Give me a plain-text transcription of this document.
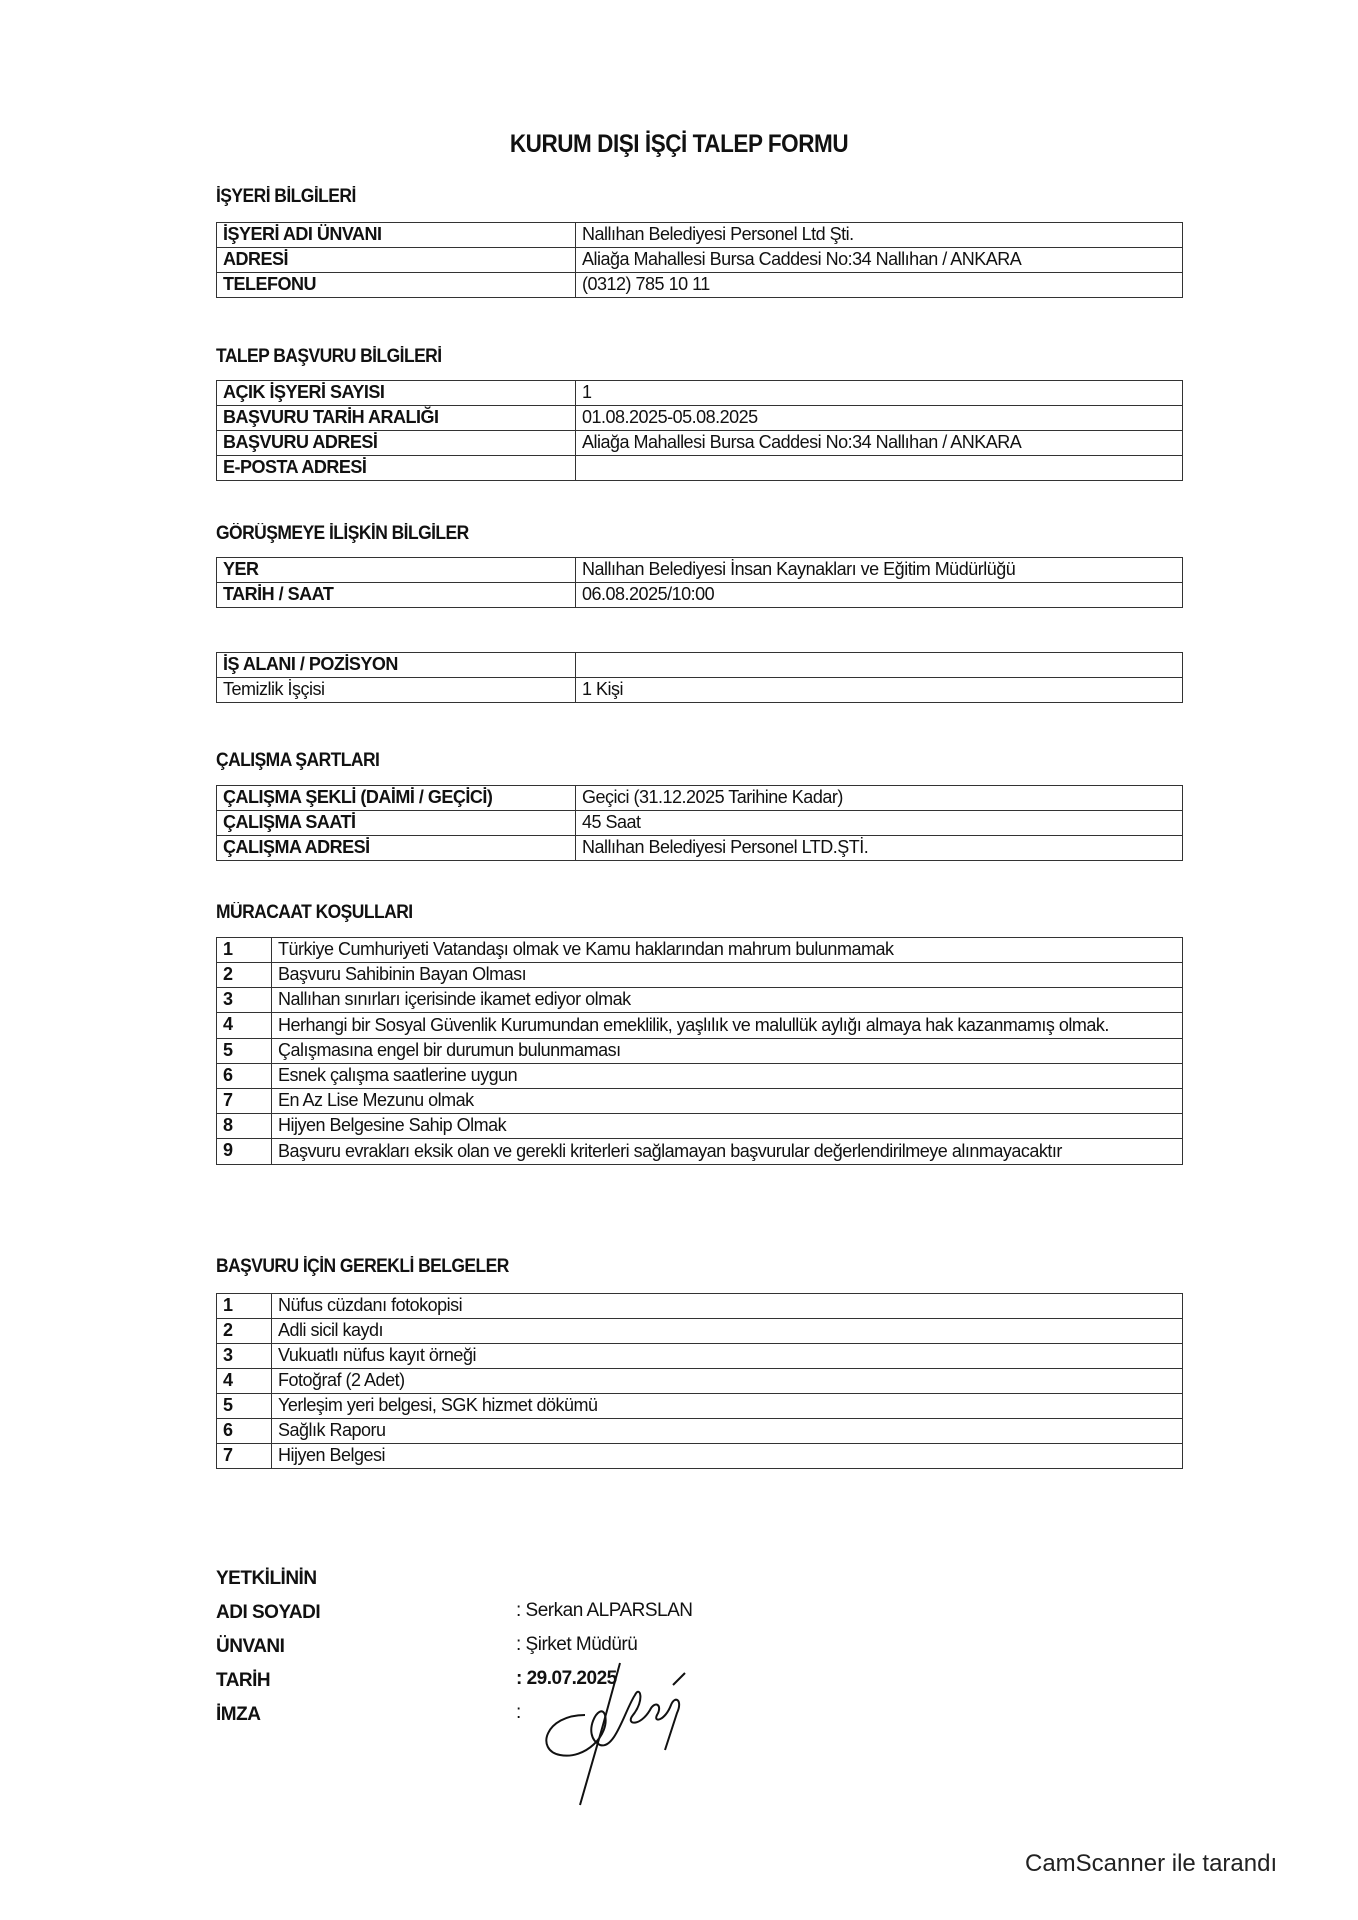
KURUM DIŞI İŞÇİ TALEP FORMU
İŞYERİ BİLGİLERİ
İŞYERİ ADI ÜNVANI	Nallıhan Belediyesi Personel Ltd Şti.
ADRESİ	Aliağa Mahallesi Bursa Caddesi No:34 Nallıhan / ANKARA
TELEFONU	(0312) 785 10 11
TALEP BAŞVURU BİLGİLERİ
AÇIK İŞYERİ SAYISI	1
BAŞVURU TARİH ARALIĞI	01.08.2025-05.08.2025
BAŞVURU ADRESİ	Aliağa Mahallesi Bursa Caddesi No:34 Nallıhan / ANKARA
E-POSTA ADRESİ	
GÖRÜŞMEYE İLİŞKİN BİLGİLER
YER	Nallıhan Belediyesi İnsan Kaynakları ve Eğitim Müdürlüğü
TARİH / SAAT	06.08.2025/10:00
İŞ ALANI / POZİSYON	
Temizlik İşçisi	1 Kişi
ÇALIŞMA ŞARTLARI
ÇALIŞMA ŞEKLİ (DAİMİ / GEÇİCİ)	Geçici (31.12.2025 Tarihine Kadar)
ÇALIŞMA SAATİ	45 Saat
ÇALIŞMA ADRESİ	Nallıhan Belediyesi Personel LTD.ŞTİ.
MÜRACAAT KOŞULLARI
1	Türkiye Cumhuriyeti Vatandaşı olmak ve Kamu haklarından mahrum bulunmamak
2	Başvuru Sahibinin Bayan Olması
3	Nallıhan sınırları içerisinde ikamet ediyor olmak
4	Herhangi bir Sosyal Güvenlik Kurumundan emeklilik, yaşlılık ve malullük aylığı almaya hak kazanmamış olmak.
5	Çalışmasına engel bir durumun bulunmaması
6	Esnek çalışma saatlerine uygun
7	En Az Lise Mezunu olmak
8	Hijyen Belgesine Sahip Olmak
9	Başvuru evrakları eksik olan ve gerekli kriterleri sağlamayan başvurular değerlendirilmeye alınmayacaktır
BAŞVURU İÇİN GEREKLİ BELGELER
1	Nüfus cüzdanı fotokopisi
2	Adli sicil kaydı
3	Vukuatlı nüfus kayıt örneği
4	Fotoğraf (2 Adet)
5	Yerleşim yeri belgesi, SGK hizmet dökümü
6	Sağlık Raporu
7	Hijyen Belgesi
YETKİLİNİN
ADI SOYADI	: Serkan ALPARSLAN
ÜNVANI	: Şirket Müdürü
TARİH	: 29.07.2025
İMZA	:
CamScanner ile tarandı
